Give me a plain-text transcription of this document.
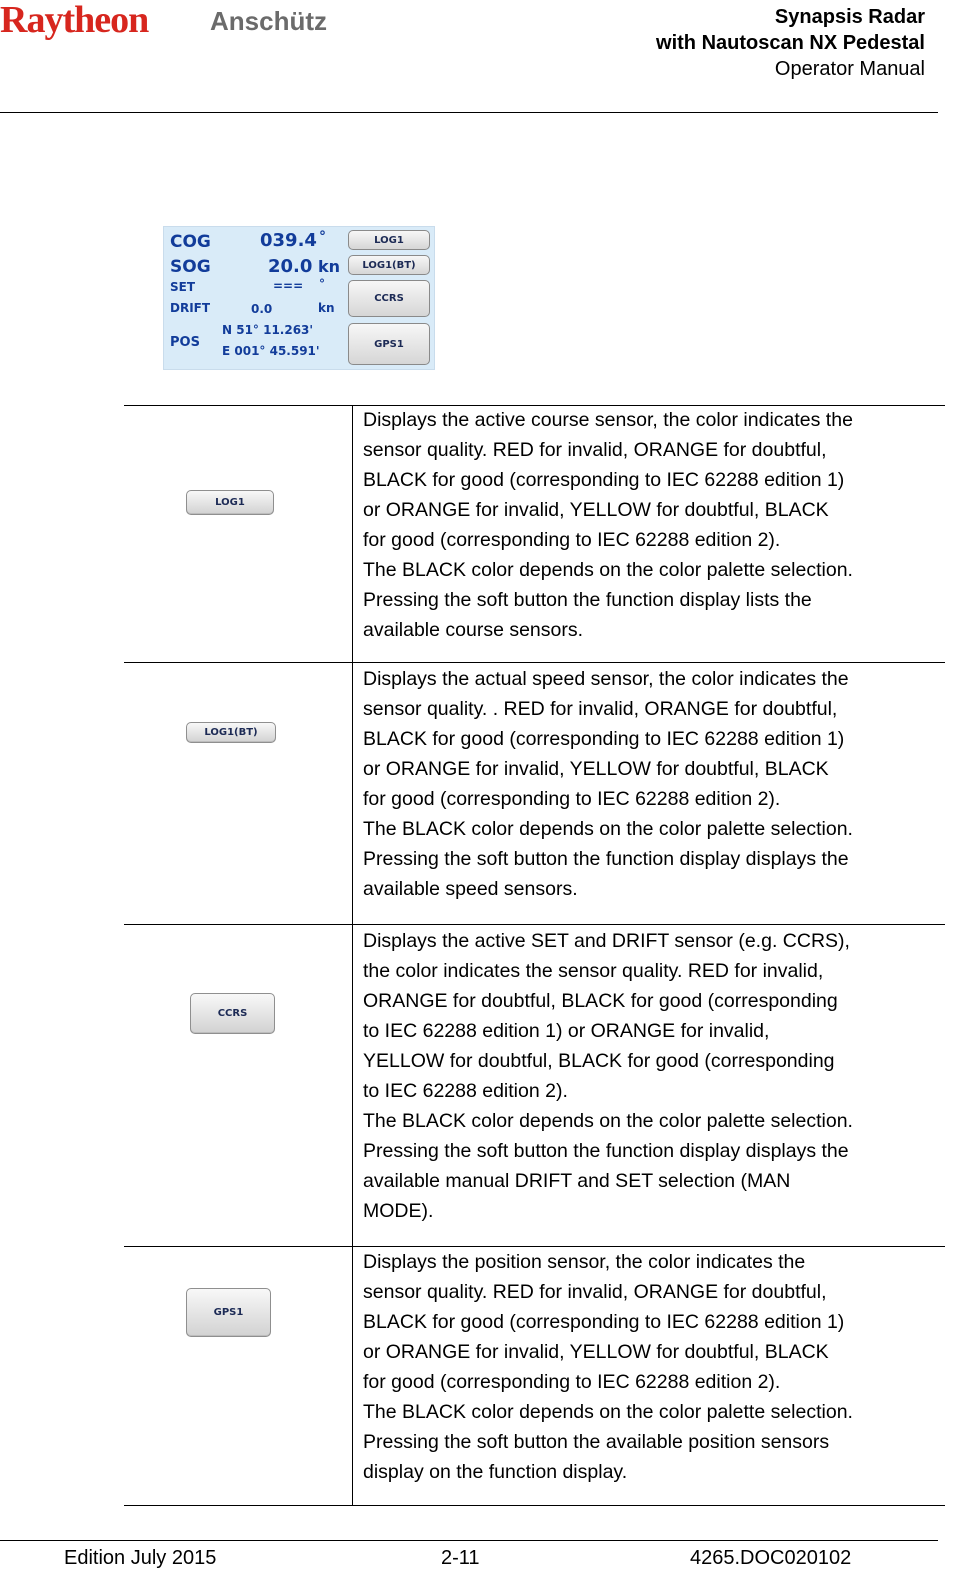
Raytheon Anschütz	Synapsis Radar
with Nautoscan NX Pedestal
Operator Manual
COG	039.4 °
SOG	20.0 kn
SET	=== °
DRIFT	0.0	kn
POS
N 51° 11.263'
E 001° 45.591'
LOG1
LOG1(BT)
CCRS
GPS1
LOG1

Displays the active course sensor, the color indicates the

sensor quality. RED for invalid, ORANGE for doubtful,

BLACK for good (corresponding to IEC 62288 edition 1)

or ORANGE for invalid, YELLOW for doubtful, BLACK

for good (corresponding to IEC 62288 edition 2).

The BLACK color depends on the color palette selection.

Pressing the soft button the function display lists the

available course sensors.

LOG1(BT)

Displays the actual speed sensor, the color indicates the

sensor quality. . RED for invalid, ORANGE for doubtful,

BLACK for good (corresponding to IEC 62288 edition 1)

or ORANGE for invalid, YELLOW for doubtful, BLACK

for good (corresponding to IEC 62288 edition 2).

The BLACK color depends on the color palette selection.

Pressing the soft button the function display displays the

available speed sensors.

CCRS

Displays the active SET and DRIFT sensor (e.g. CCRS),

the color indicates the sensor quality. RED for invalid,

ORANGE for doubtful, BLACK for good (corresponding

to IEC 62288 edition 1) or ORANGE for invalid,

YELLOW for doubtful, BLACK for good (corresponding

to IEC 62288 edition 2).

The BLACK color depends on the color palette selection.

Pressing the soft button the function display displays the

available manual DRIFT and SET selection (MAN

MODE).

GPS1

Displays the position sensor, the color indicates the

sensor quality. RED for invalid, ORANGE for doubtful,

BLACK for good (corresponding to IEC 62288 edition 1)

or ORANGE for invalid, YELLOW for doubtful, BLACK

for good (corresponding to IEC 62288 edition 2).

The BLACK color depends on the color palette selection.

Pressing the soft button the available position sensors

display on the function display.

Edition July 2015	2-11	4265.DOC020102
